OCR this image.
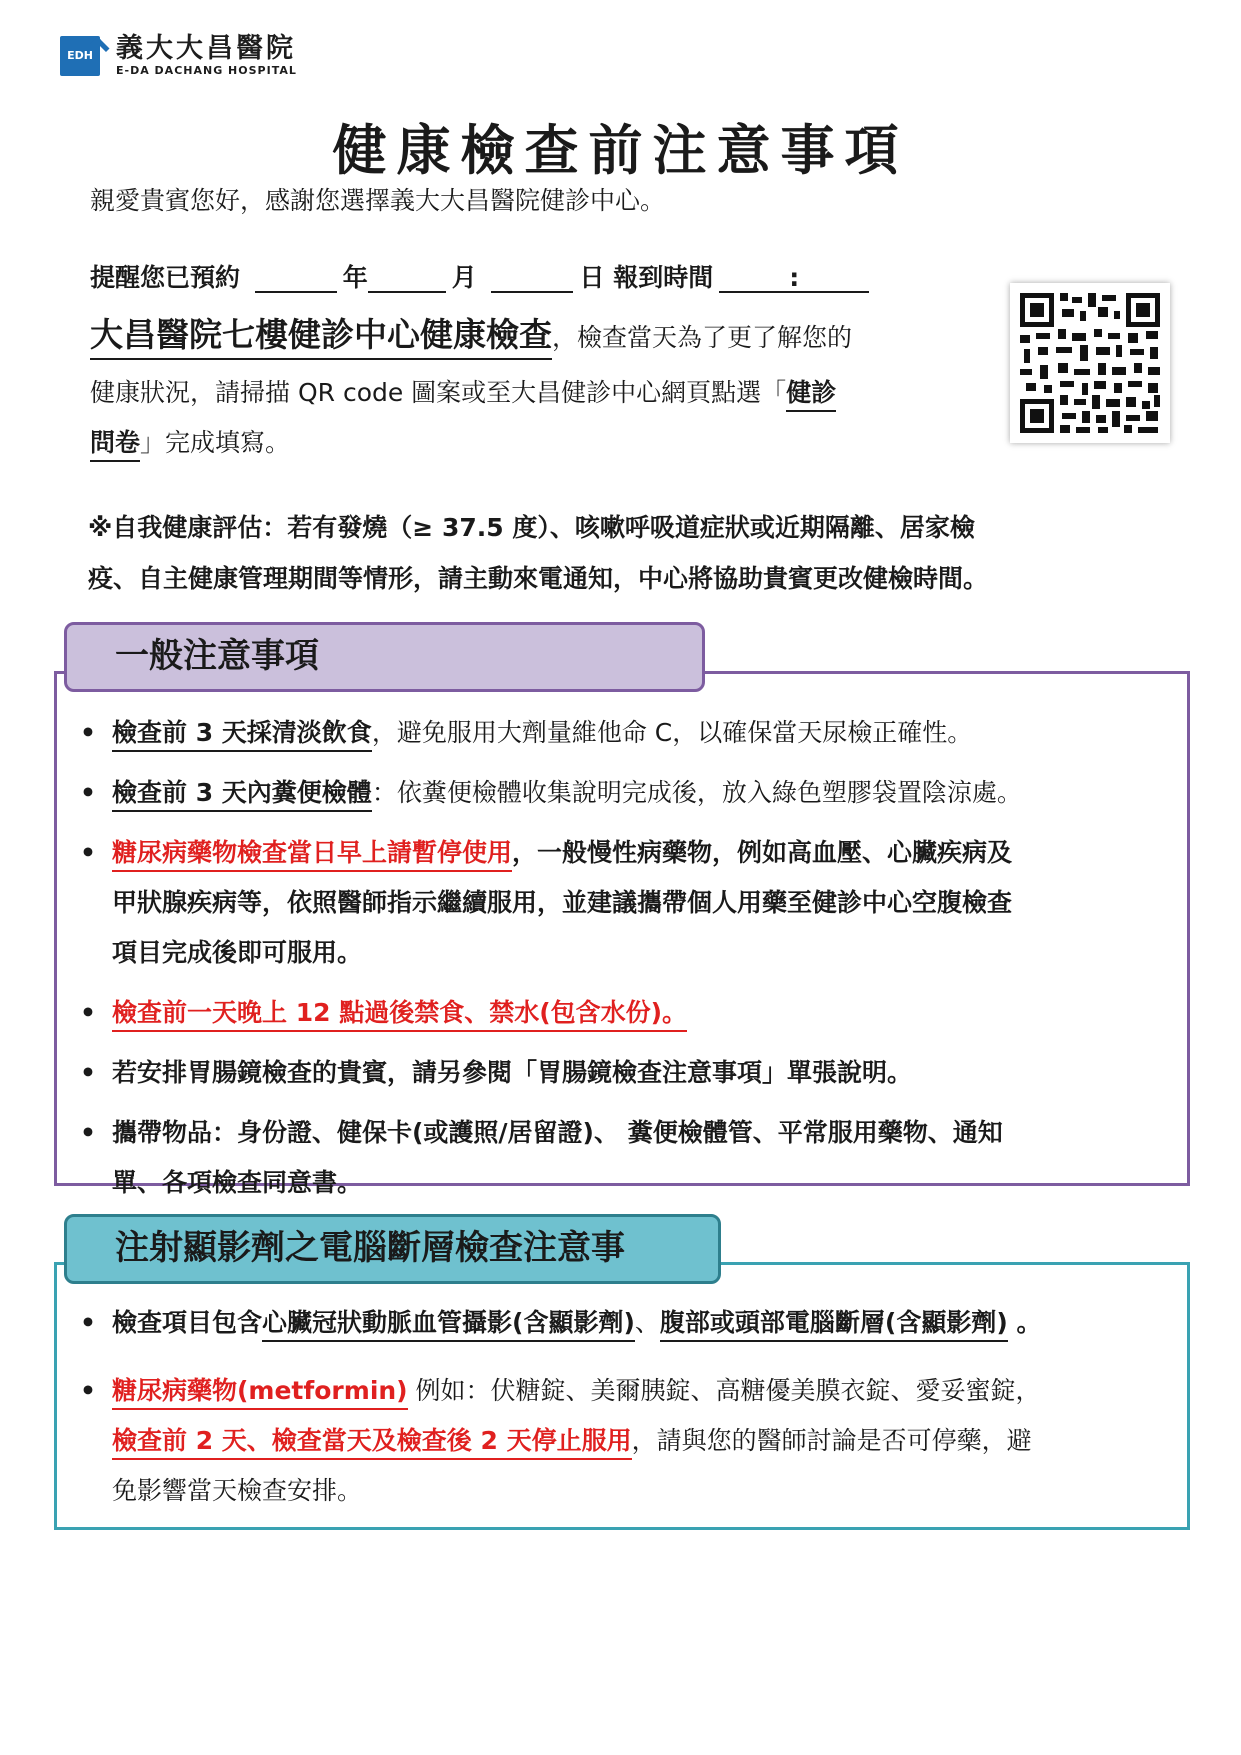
EDH 義大大昌醫院
E-DA DACHANG HOSPITAL
健康檢查前注意事項
親愛貴賓您好，感謝您選擇義大大昌醫院健診中心。
提醒您已預約	年	月	日 報到時間	:
大昌醫院七樓健診中心健康檢查，檢查當天為了更了解您的
健康狀況，請掃描 QR code 圖案或至大昌健診中心網頁點選「健診
問卷」完成填寫。
※自我健康評估：若有發燒（≥ 37.5 度）、咳嗽呼吸道症狀或近期隔離、居家檢
疫、自主健康管理期間等情形，請主動來電通知，中心將協助貴賓更改健檢時間。
一般注意事項
• 檢查前 3 天採清淡飲食，避免服用大劑量維他命 C，以確保當天尿檢正確性。
• 檢查前 3 天內糞便檢體：依糞便檢體收集說明完成後，放入綠色塑膠袋置陰涼處。
• 糖尿病藥物檢查當日早上請暫停使用，一般慢性病藥物，例如高血壓、心臟疾病及
甲狀腺疾病等，依照醫師指示繼續服用，並建議攜帶個人用藥至健診中心空腹檢查
項目完成後即可服用。
• 檢查前一天晚上 12 點過後禁食、禁水(包含水份)。
• 若安排胃腸鏡檢查的貴賓，請另參閱「胃腸鏡檢查注意事項」單張說明。
• 攜帶物品：身份證、健保卡(或護照/居留證)、 糞便檢體管、平常服用藥物、通知
單、各項檢查同意書。
注射顯影劑之電腦斷層檢查注意事
• 檢查項目包含心臟冠狀動脈血管攝影(含顯影劑)、腹部或頭部電腦斷層(含顯影劑) 。
• 糖尿病藥物(metformin) 例如：伏糖錠、美爾胰錠、高糖優美膜衣錠、愛妥蜜錠，
檢查前 2 天、檢查當天及檢查後 2 天停止服用，請與您的醫師討論是否可停藥，避
免影響當天檢查安排。
